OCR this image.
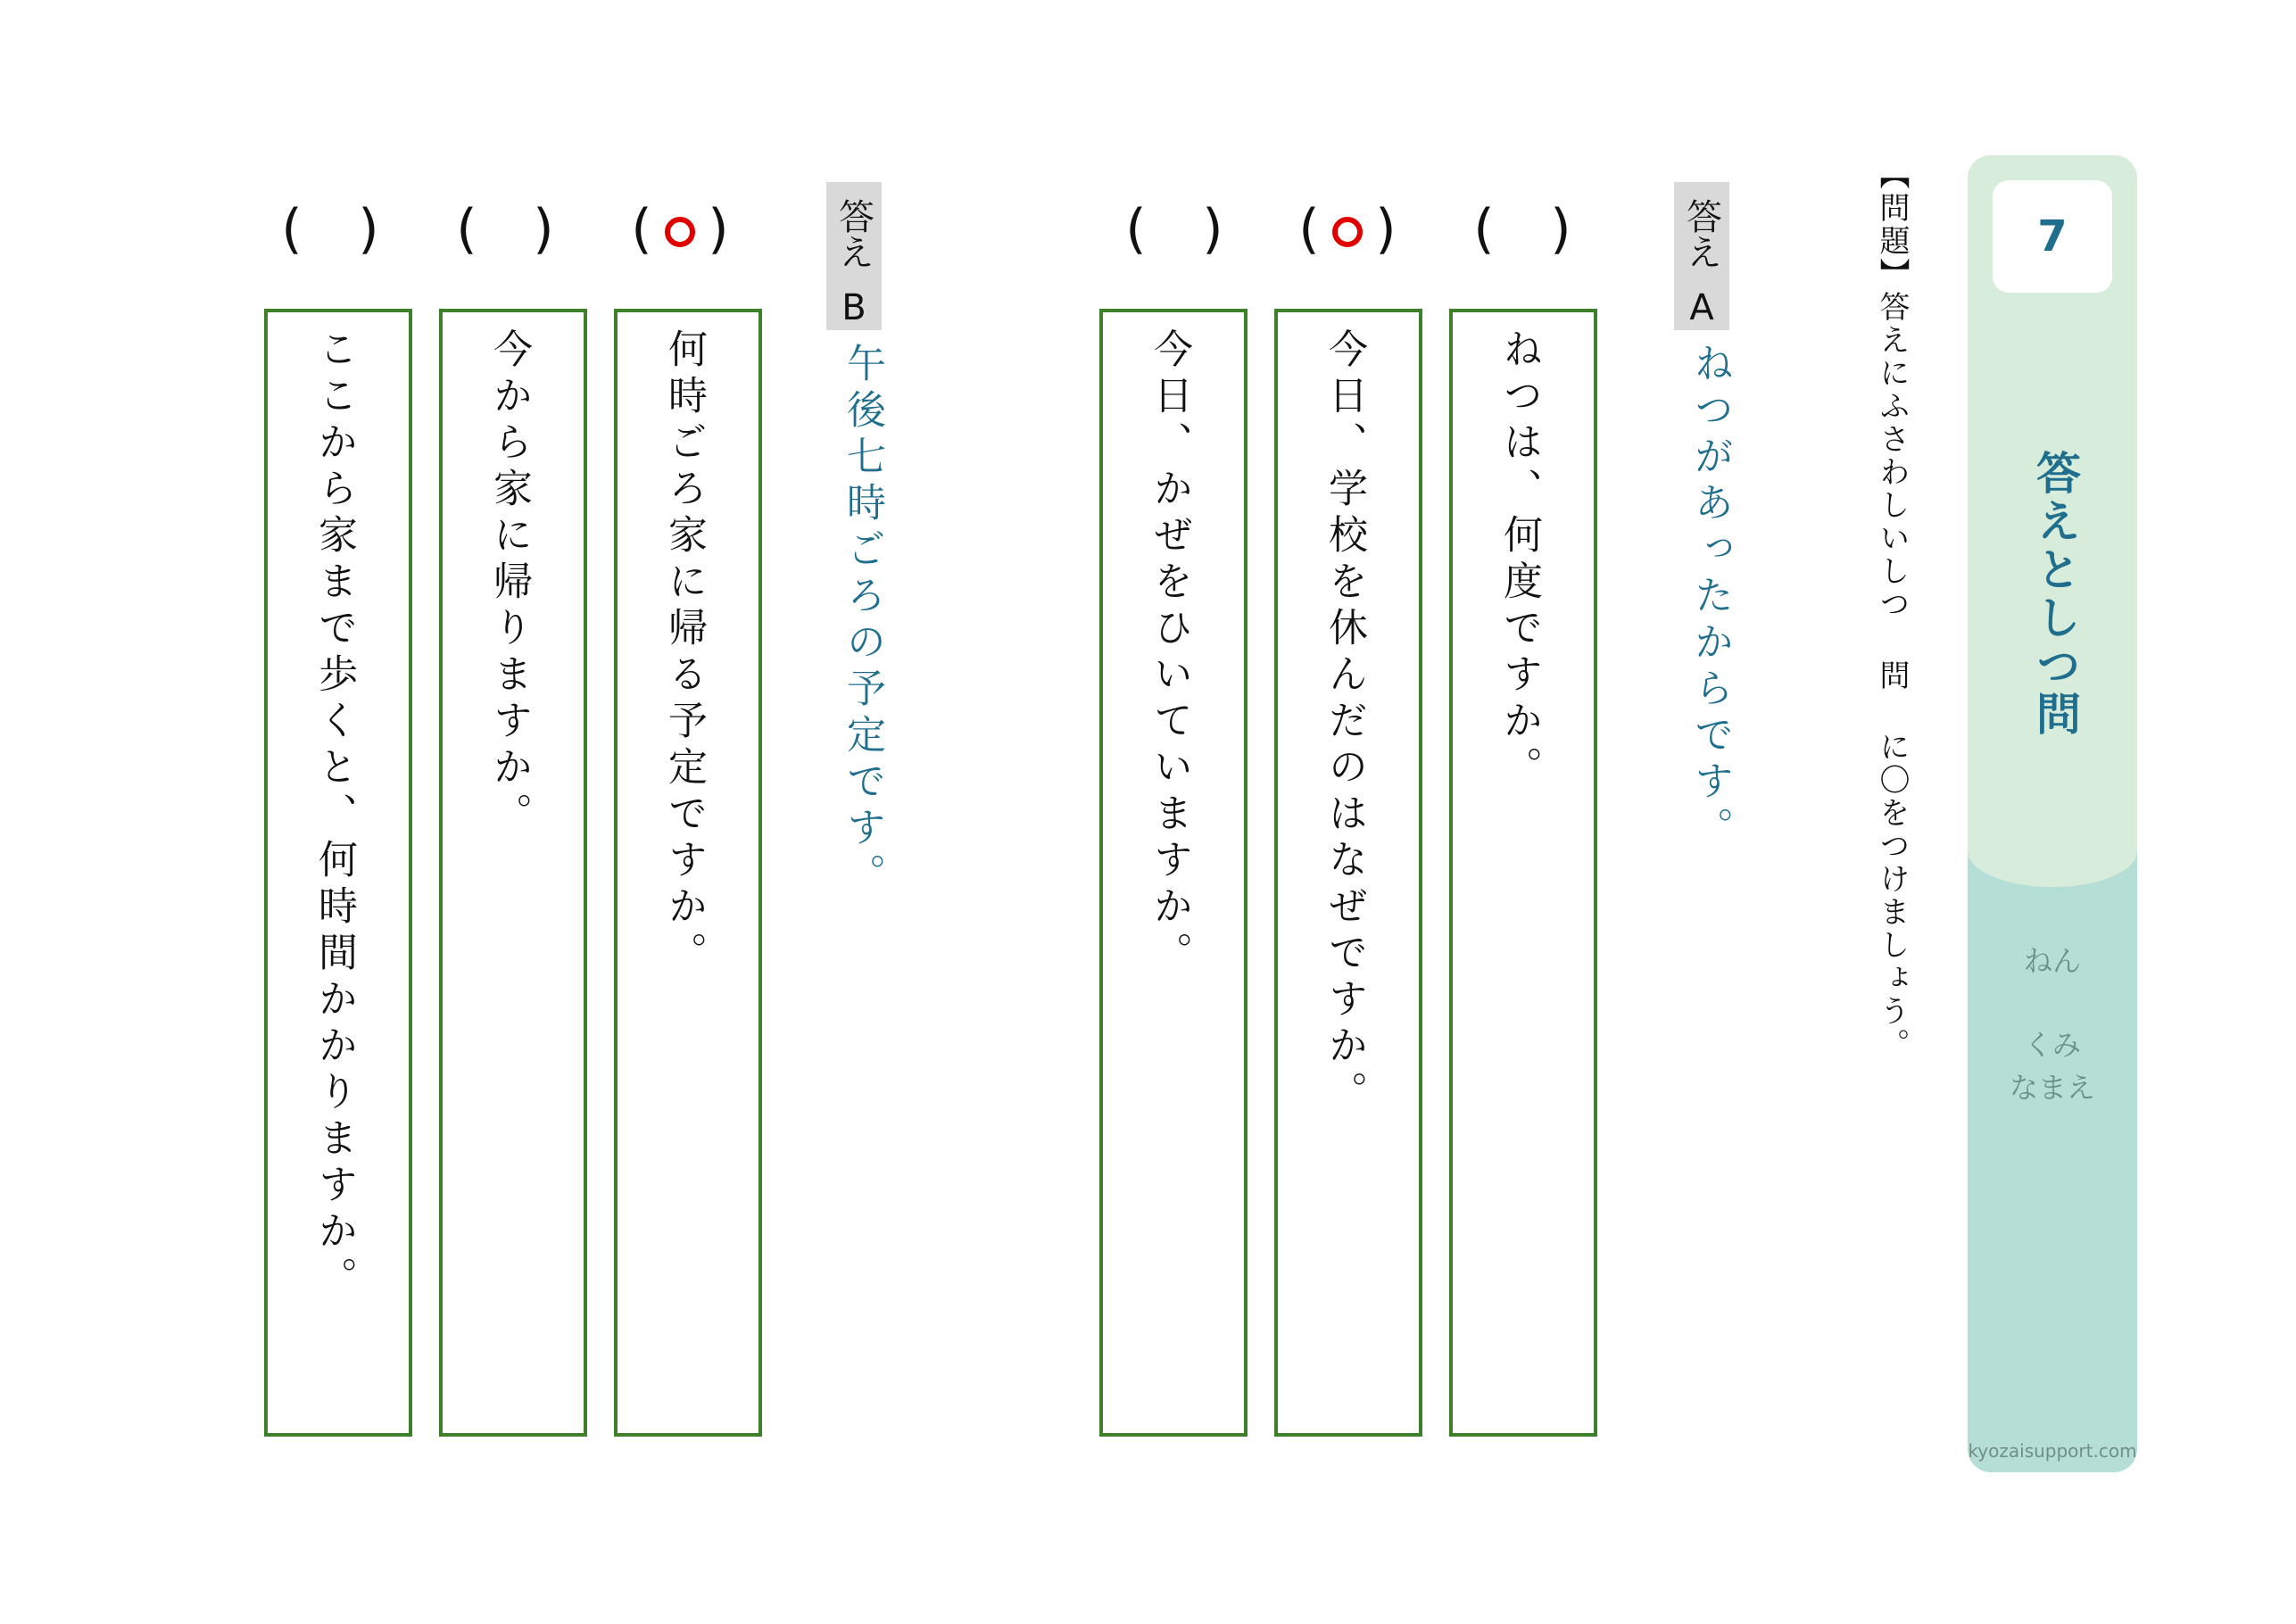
7
答えとしつ問
ねん
くみ
なまえ
kyozaisupport.com
【問題】答えにふさわしいしつ 問 に〇をつけましょう。
答え
A
ねつがあったからです。
( )
( )
( )
ねつは、何度ですか。
今日、学校を休んだのはなぜですか。
今日、かぜをひいていますか。
答え
B
午後七時ごろの予定です。
( )
( )
( )
何時ごろ家に帰る予定ですか。
今から家に帰りますか。
ここから家まで歩くと、何時間かかりますか。
